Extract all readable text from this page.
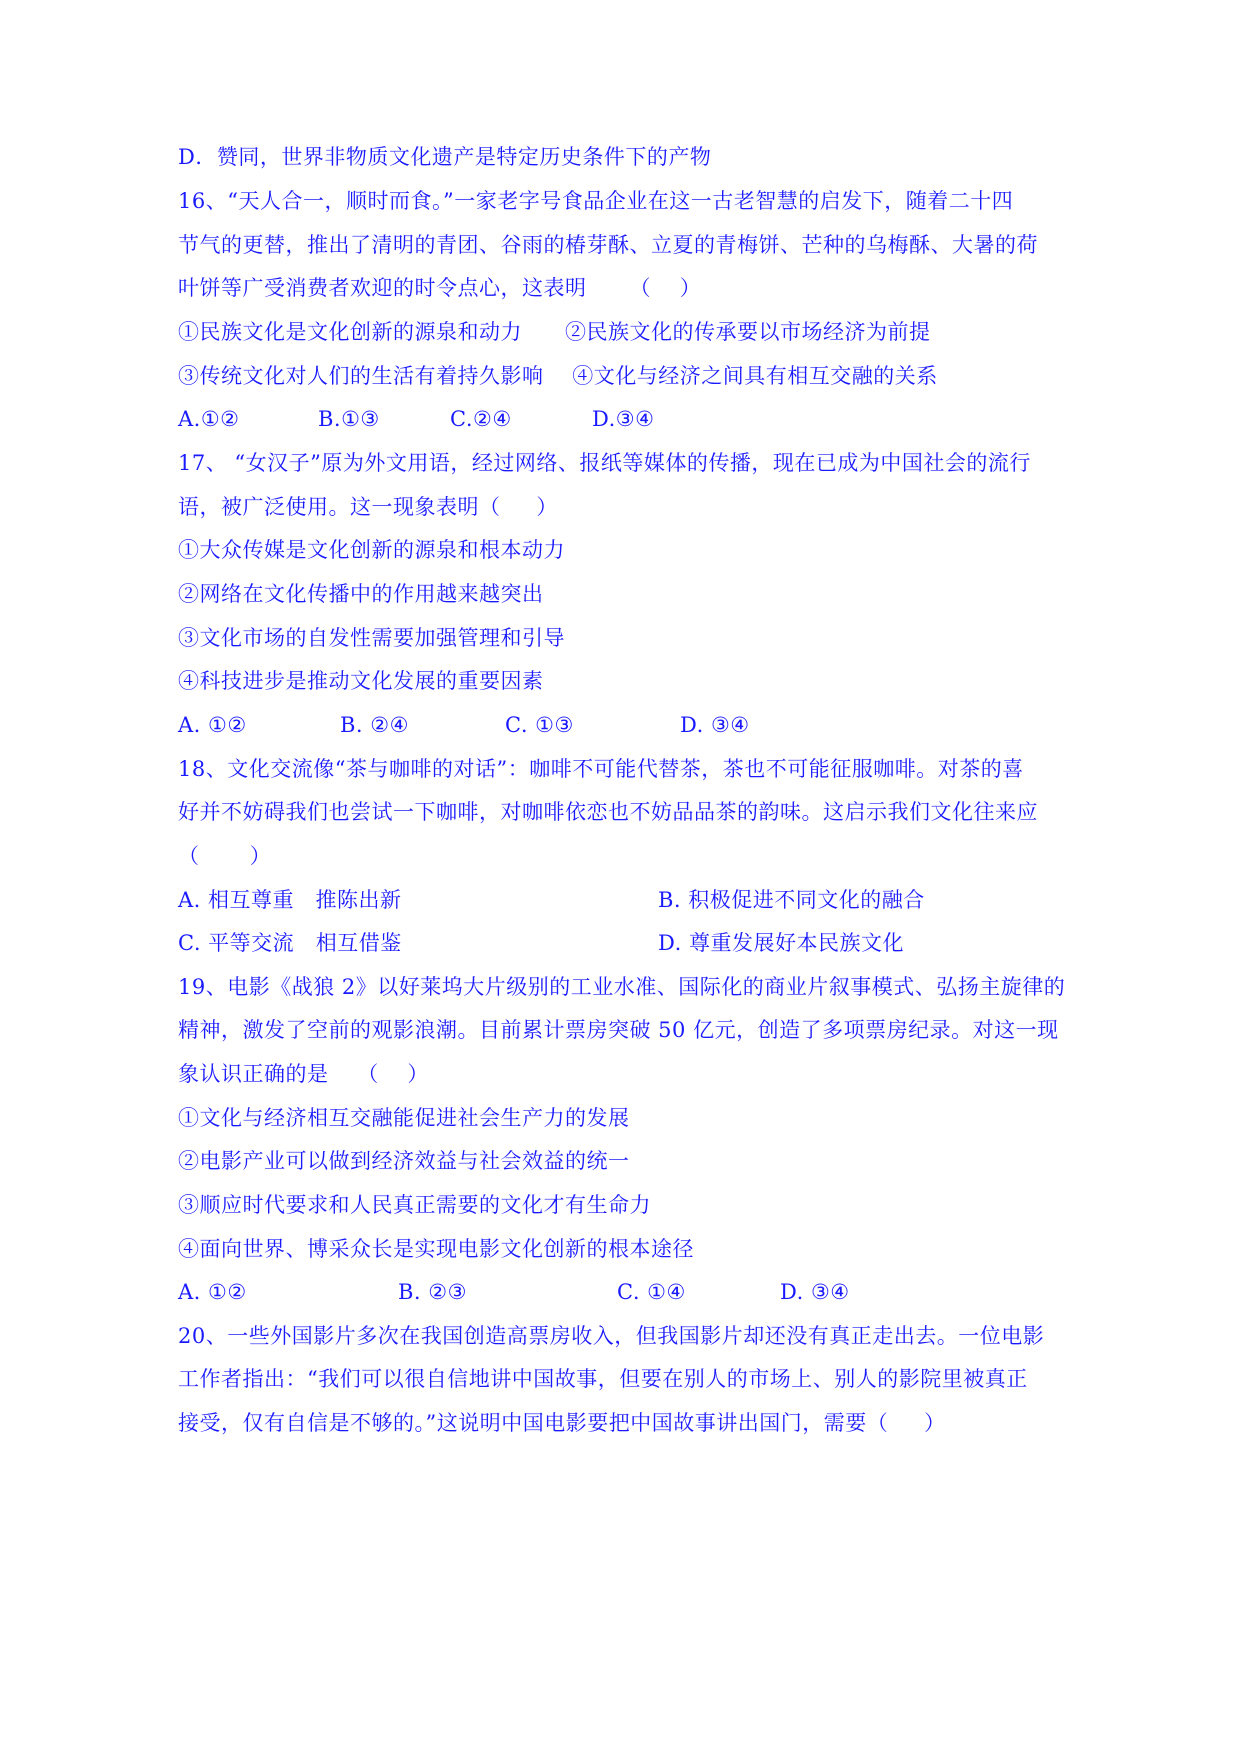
D．赞同，世界非物质文化遗产是特定历史条件下的产物
16、“天人合一，顺时而食。”一家老字号食品企业在这一古老智慧的启发下，随着二十四
节气的更替，推出了清明的青团、谷雨的椿芽酥、立夏的青梅饼、芒种的乌梅酥、大暑的荷
叶饼等广受消费者欢迎的时令点心，这表明      （    ）
①民族文化是文化创新的源泉和动力      ②民族文化的传承要以市场经济为前提
③传统文化对人们的生活有着持久影响    ④文化与经济之间具有相互交融的关系
A.①②	B.①③	C.②④	D.③④
17、 “女汉子”原为外文用语，经过网络、报纸等媒体的传播，现在已成为中国社会的流行
语，被广泛使用。这一现象表明（     ）
①大众传媒是文化创新的源泉和根本动力
②网络在文化传播中的作用越来越突出
③文化市场的自发性需要加强管理和引导
④科技进步是推动文化发展的重要因素
A. ①②	B. ②④	C. ①③	D. ③④
18、文化交流像“茶与咖啡的对话”：咖啡不可能代替茶，茶也不可能征服咖啡。对茶的喜
好并不妨碍我们也尝试一下咖啡，对咖啡依恋也不妨品品茶的韵味。这启示我们文化往来应
（       ）
A. 相互尊重   推陈出新	B. 积极促进不同文化的融合
C. 平等交流   相互借鉴	D. 尊重发展好本民族文化
19、电影《战狼 2》以好莱坞大片级别的工业水准、国际化的商业片叙事模式、弘扬主旋律的
精神，激发了空前的观影浪潮。目前累计票房突破 50 亿元，创造了多项票房纪录。对这一现
象认识正确的是    （    ）
①文化与经济相互交融能促进社会生产力的发展
②电影产业可以做到经济效益与社会效益的统一
③顺应时代要求和人民真正需要的文化才有生命力
④面向世界、博采众长是实现电影文化创新的根本途径
A. ①②	B. ②③	C. ①④	D. ③④
20、一些外国影片多次在我国创造高票房收入，但我国影片却还没有真正走出去。一位电影
工作者指出：“我们可以很自信地讲中国故事，但要在别人的市场上、别人的影院里被真正
接受，仅有自信是不够的。”这说明中国电影要把中国故事讲出国门，需要（     ）
